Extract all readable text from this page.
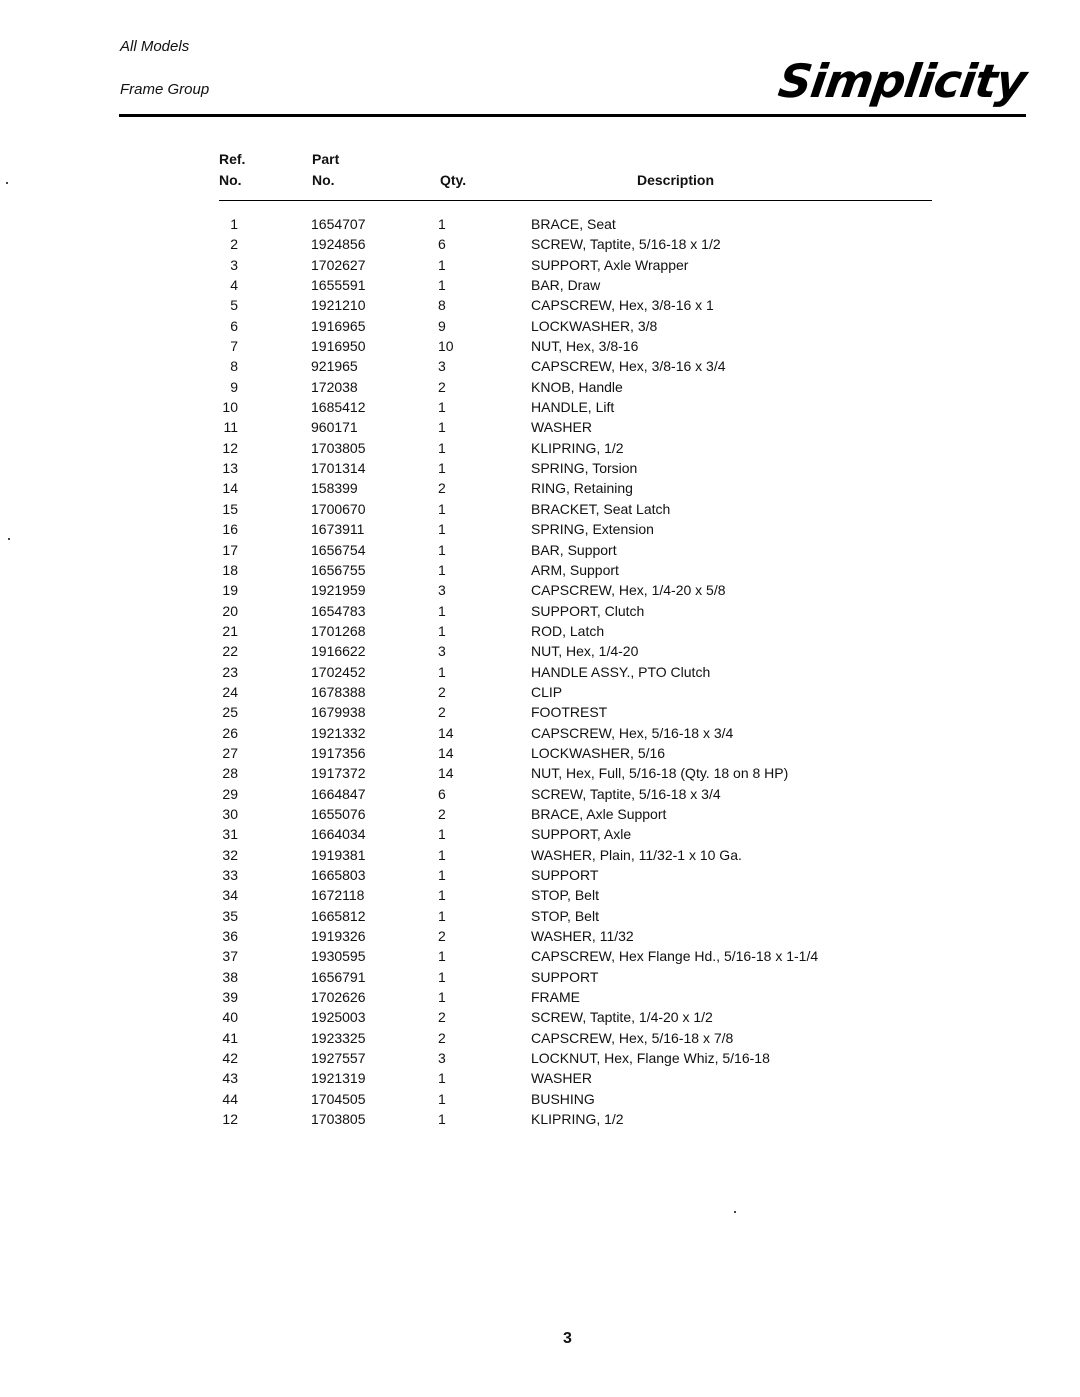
All Models
Frame Group	Simplicity
Ref.
No.
Part
No.	Qty.	Description
1	1654707	1	BRACE, Seat
2	1924856	6	SCREW, Taptite, 5/16-18 x 1/2
3	1702627	1	SUPPORT, Axle Wrapper
4	1655591	1	BAR, Draw
5	1921210	8	CAPSCREW, Hex, 3/8-16 x 1
6	1916965	9	LOCKWASHER, 3/8
7	1916950	10	NUT, Hex, 3/8-16
8	921965	3	CAPSCREW, Hex, 3/8-16 x 3/4
9	172038	2	KNOB, Handle
10	1685412	1	HANDLE, Lift
11	960171	1	WASHER
12	1703805	1	KLIPRING, 1/2
13	1701314	1	SPRING, Torsion
14	158399	2	RING, Retaining
15	1700670	1	BRACKET, Seat Latch
16	1673911	1	SPRING, Extension
17	1656754	1	BAR, Support
18	1656755	1	ARM, Support
19	1921959	3	CAPSCREW, Hex, 1/4-20 x 5/8
20	1654783	1	SUPPORT, Clutch
21	1701268	1	ROD, Latch
22	1916622	3	NUT, Hex, 1/4-20
23	1702452	1	HANDLE ASSY., PTO Clutch
24	1678388	2	CLIP
25	1679938	2	FOOTREST
26	1921332	14	CAPSCREW, Hex, 5/16-18 x 3/4
27	1917356	14	LOCKWASHER, 5/16
28	1917372	14	NUT, Hex, Full, 5/16-18 (Qty. 18 on 8 HP)
29	1664847	6	SCREW, Taptite, 5/16-18 x 3/4
30	1655076	2	BRACE, Axle Support
31	1664034	1	SUPPORT, Axle
32	1919381	1	WASHER, Plain, 11/32-1 x 10 Ga.
33	1665803	1	SUPPORT
34	1672118	1	STOP, Belt
35	1665812	1	STOP, Belt
36	1919326	2	WASHER, 11/32
37	1930595	1	CAPSCREW, Hex Flange Hd., 5/16-18 x 1-1/4
38	1656791	1	SUPPORT
39	1702626	1	FRAME
40	1925003	2	SCREW, Taptite, 1/4-20 x 1/2
41	1923325	2	CAPSCREW, Hex, 5/16-18 x 7/8
42	1927557	3	LOCKNUT, Hex, Flange Whiz, 5/16-18
43	1921319	1	WASHER
44	1704505	1	BUSHING
12	1703805	1	KLIPRING, 1/2
3
